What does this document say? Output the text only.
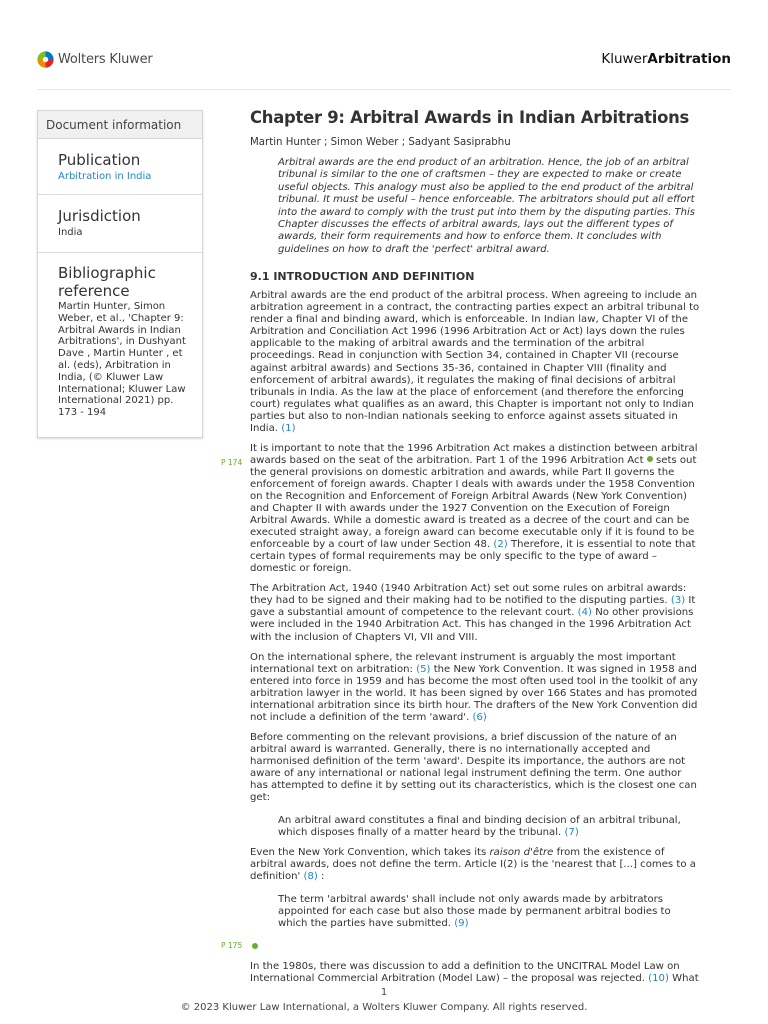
Wolters Kluwer	KluwerArbitration
Document information
Publication
Arbitration in India
Jurisdiction
India
Bibliographic reference
Martin Hunter, Simon Weber, et al., 'Chapter 9: Arbitral Awards in Indian Arbitrations', in Dushyant Dave , Martin Hunter , et al. (eds), Arbitration in India, (© Kluwer Law International; Kluwer Law International 2021) pp. 173 - 194
Chapter 9: Arbitral Awards in Indian Arbitrations
Martin Hunter ; Simon Weber ; Sadyant Sasiprabhu
Arbitral awards are the end product of an arbitration. Hence, the job of an arbitral tribunal is similar to the one of craftsmen – they are expected to make or create useful objects. This analogy must also be applied to the end product of the arbitral tribunal. It must be useful – hence enforceable. The arbitrators should put all effort into the award to comply with the trust put into them by the disputing parties. This Chapter discusses the effects of arbitral awards, lays out the different types of awards, their form requirements and how to enforce them. It concludes with guidelines on how to draft the 'perfect' arbitral award.
9.1 INTRODUCTION AND DEFINITION

Arbitral awards are the end product of the arbitral process. When agreeing to include an arbitration agreement in a contract, the contracting parties expect an arbitral tribunal to render a final and binding award, which is enforceable. In Indian law, Chapter VI of the Arbitration and Conciliation Act 1996 (1996 Arbitration Act or Act) lays down the rules applicable to the making of arbitral awards and the termination of the arbitral proceedings. Read in conjunction with Section 34, contained in Chapter VII (recourse against arbitral awards) and Sections 35-36, contained in Chapter VIII (finality and enforcement of arbitral awards), it regulates the making of final decisions of arbitral tribunals in India. As the law at the place of enforcement (and therefore the enforcing court) regulates what qualifies as an award, this Chapter is important not only to Indian parties but also to non-Indian nationals seeking to enforce against assets situated in India. (1)

P 174
It is important to note that the 1996 Arbitration Act makes a distinction between arbitral awards based on the seat of the arbitration. Part 1 of the 1996 Arbitration Act sets out the general provisions on domestic arbitration and awards, while Part II governs the enforcement of foreign awards. Chapter I deals with awards under the 1958 Convention on the Recognition and Enforcement of Foreign Arbitral Awards (New York Convention) and Chapter II with awards under the 1927 Convention on the Execution of Foreign Arbitral Awards. While a domestic award is treated as a decree of the court and can be executed straight away, a foreign award can become executable only if it is found to be enforceable by a court of law under Section 48. (2) Therefore, it is essential to note that certain types of formal requirements may be only specific to the type of award – domestic or foreign.

The Arbitration Act, 1940 (1940 Arbitration Act) set out some rules on arbitral awards: they had to be signed and their making had to be notified to the disputing parties. (3) It gave a substantial amount of competence to the relevant court. (4) No other provisions were included in the 1940 Arbitration Act. This has changed in the 1996 Arbitration Act with the inclusion of Chapters VI, VII and VIII.

On the international sphere, the relevant instrument is arguably the most important international text on arbitration: (5) the New York Convention. It was signed in 1958 and entered into force in 1959 and has become the most often used tool in the toolkit of any arbitration lawyer in the world. It has been signed by over 166 States and has promoted international arbitration since its birth hour. The drafters of the New York Convention did not include a definition of the term 'award'. (6)

Before commenting on the relevant provisions, a brief discussion of the nature of an arbitral award is warranted. Generally, there is no internationally accepted and harmonised definition of the term 'award'. Despite its importance, the authors are not aware of any international or national legal instrument defining the term. One author has attempted to define it by setting out its characteristics, which is the closest one can get:

An arbitral award constitutes a final and binding decision of an arbitral tribunal, which disposes finally of a matter heard by the tribunal. (7)

Even the New York Convention, which takes its raison d'être from the existence of arbitral awards, does not define the term. Article I(2) is the 'nearest that [...] comes to a definition' (8) :

The term 'arbitral awards' shall include not only awards made by arbitrators appointed for each case but also those made by permanent arbitral bodies to which the parties have submitted. (9)
P 175

In the 1980s, there was discussion to add a definition to the UNCITRAL Model Law on International Commercial Arbitration (Model Law) – the proposal was rejected. (10) What

1
© 2023 Kluwer Law International, a Wolters Kluwer Company. All rights reserved.
